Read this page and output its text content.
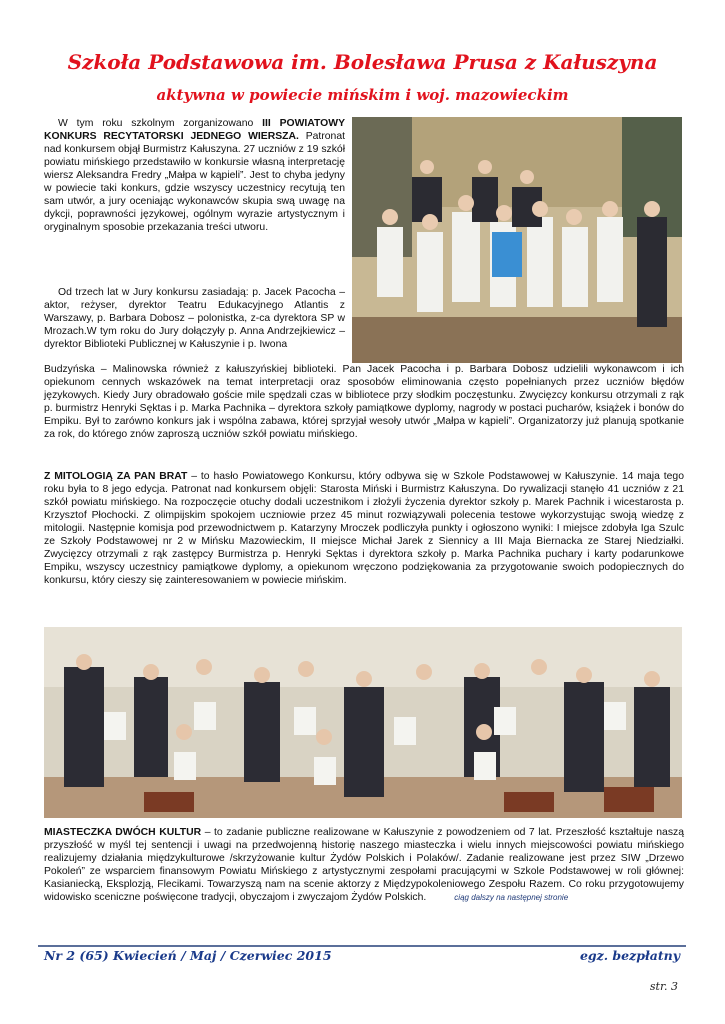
Szkoła Podstawowa im. Bolesława Prusa z Kałuszyna
aktywna w powiecie mińskim i woj. mazowieckim

W tym roku szkolnym zorganizowano III POWIATOWY KONKURS RECYTATORSKI JEDNEGO WIERSZA. Patronat nad konkursem objął Burmistrz Kałuszyna. 27 uczniów z 19 szkół powiatu mińskiego przedstawiło w konkursie własną interpretację wiersz Aleksandra Fredry „Małpa w kąpieli”. Jest to chyba jedyny w powiecie taki konkurs, gdzie wszyscy uczestnicy recytują ten sam utwór, a jury oceniając wykonawców skupia swą uwagę na dykcji, poprawności językowej, ogólnym wyrazie artystycznym i oryginalnym sposobie przekazania treści utworu.

Od trzech lat w Jury konkursu zasiadają: p. Jacek Pacocha – aktor, reżyser, dyrektor Teatru Edukacyjnego Atlantis z Warszawy, p. Barbara Dobosz – polonistka, z-ca dyrektora SP w Mrozach.W tym roku do Jury dołączyły p. Anna Andrzejkiewicz – dyrektor Biblioteki Publicznej w Kałuszynie i p. Iwona

Budzyńska – Malinowska również z kałuszyńskiej biblioteki. Pan Jacek Pacocha i p. Barbara Dobosz udzielili wykonawcom i ich opiekunom cennych wskazówek na temat interpretacji oraz sposobów eliminowania często popełnianych przez uczniów błędów językowych. Kiedy Jury obradowało goście mile spędzali czas w bibliotece przy słodkim poczęstunku. Zwycięzcy konkursu otrzymali z rąk p. burmistrz Henryki Sęktas i p. Marka Pachnika – dyrektora szkoły pamiątkowe dyplomy, nagrody w postaci pucharów, książek i bonów do Empiku. Był to zarówno konkurs jak i wspólna zabawa, której sprzyjał wesoły utwór „Małpa w kąpieli”. Organizatorzy już planują spotkanie za rok, do którego znów zaproszą uczniów szkół powiatu mińskiego.

Z MITOLOGIĄ ZA PAN BRAT – to hasło Powiatowego Konkursu, który odbywa się w Szkole Podstawowej w Kałuszynie. 14 maja tego roku była to 8 jego edycja. Patronat nad konkursem objęli: Starosta Miński i Burmistrz Kałuszyna. Do rywalizacji stanęło 41 uczniów z 21 szkół powiatu mińskiego. Na rozpoczęcie otuchy dodali uczestnikom i złożyli życzenia dyrektor szkoły p. Marek Pachnik i wicestarosta p. Krzysztof Płochocki. Z olimpijskim spokojem uczniowie przez 45 minut rozwiązywali polecenia testowe wykorzystując swoją wiedzę z mitologii. Następnie komisja pod przewodnictwem p. Katarzyny Mroczek podliczyła punkty i ogłoszono wyniki: I miejsce zdobyła Iga Szulc ze Szkoły Podstawowej nr 2 w Mińsku Mazowieckim, II miejsce Michał Jarek z Siennicy a III Maja Biernacka ze Starej Niedziałki. Zwycięzcy otrzymali z rąk zastępcy Burmistrza p. Henryki Sęktas i dyrektora szkoły p. Marka Pachnika puchary i karty podarunkowe Empiku, wszyscy uczestnicy pamiątkowe dyplomy, a opiekunom wręczono podziękowania za przygotowanie swoich podopiecznych do konkursu, który cieszy się zainteresowaniem w powiecie mińskim.

MIASTECZKA DWÓCH KULTUR – to zadanie publiczne realizowane w Kałuszynie z powodzeniem od 7 lat. Przeszłość kształtuje naszą przyszłość w myśl tej sentencji i uwagi na przedwojenną historię naszego miasteczka i wielu innych miejscowości powiatu mińskiego realizujemy działania międzykulturowe /skrzyżowanie kultur Żydów Polskich i Polaków/. Zadanie realizowane jest przez SIW „Drzewo Pokoleń” ze wsparciem finansowym Powiatu Mińskiego z artystycznymi zespołami pracującymi w Szkole Podstawowej w roli głównej: Kasianiecką, Eksplozją, Flecikami. Towarzyszą nam na scenie aktorzy z Międzypokoleniowego Zespołu Razem. Co roku przygotowujemy widowisko sceniczne poświęcone tradycji, obyczajom i zwyczajom Żydów Polskich.	ciąg dalszy na następnej stronie

Nr 2 (65) Kwiecień / Maj / Czerwiec 2015	egz. bezpłatny
str. 3
